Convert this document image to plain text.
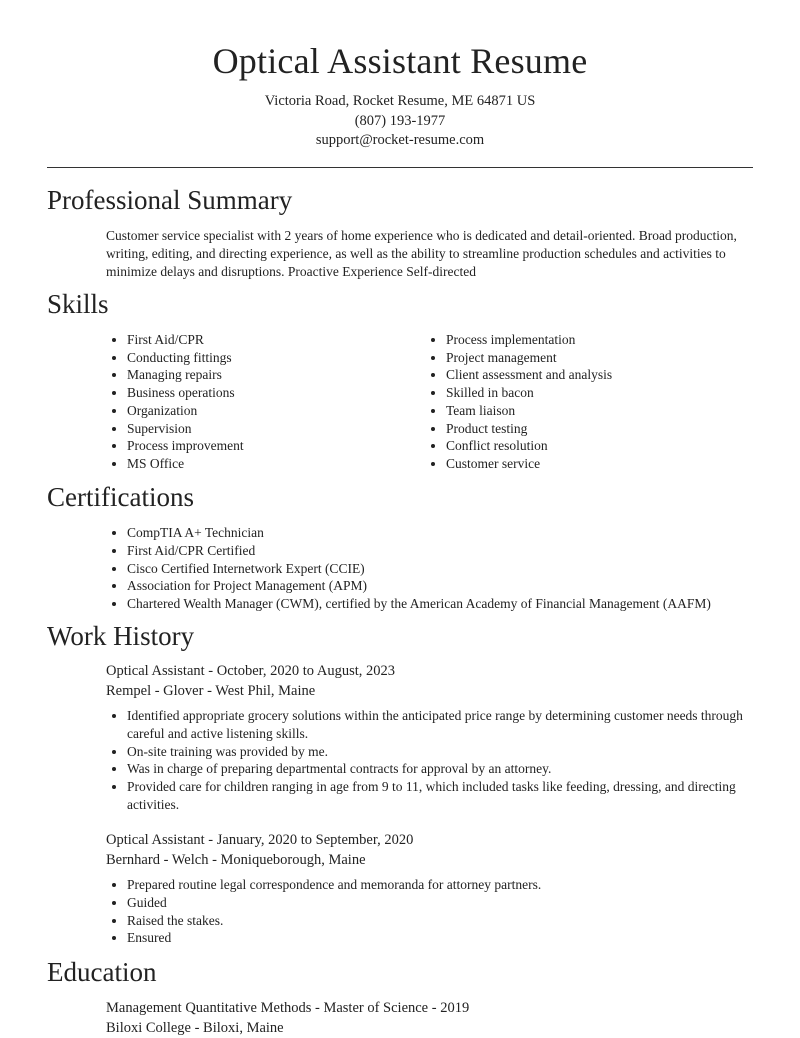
Optical Assistant Resume
Victoria Road, Rocket Resume, ME 64871 US
(807) 193-1977
support@rocket-resume.com
Professional Summary
Customer service specialist with 2 years of home experience who is dedicated and detail-oriented. Broad production, writing, editing, and directing experience, as well as the ability to streamline production schedules and activities to minimize delays and disruptions. Proactive Experience Self-directed
Skills
• First Aid/CPR
• Conducting fittings
• Managing repairs
• Business operations
• Organization
• Supervision
• Process improvement
• MS Office
• Process implementation
• Project management
• Client assessment and analysis
• Skilled in bacon
• Team liaison
• Product testing
• Conflict resolution
• Customer service
Certifications
• CompTIA A+ Technician
• First Aid/CPR Certified
• Cisco Certified Internetwork Expert (CCIE)
• Association for Project Management (APM)
• Chartered Wealth Manager (CWM), certified by the American Academy of Financial Management (AAFM)
Work History
Optical Assistant - October, 2020 to August, 2023
Rempel - Glover - West Phil, Maine
• Identified appropriate grocery solutions within the anticipated price range by determining customer needs through careful and active listening skills.
• On-site training was provided by me.
• Was in charge of preparing departmental contracts for approval by an attorney.
• Provided care for children ranging in age from 9 to 11, which included tasks like feeding, dressing, and directing activities.
Optical Assistant - January, 2020 to September, 2020
Bernhard - Welch - Moniqueborough, Maine
• Prepared routine legal correspondence and memoranda for attorney partners.
• Guided
• Raised the stakes.
• Ensured
Education
Management Quantitative Methods - Master of Science - 2019
Biloxi College - Biloxi, Maine
